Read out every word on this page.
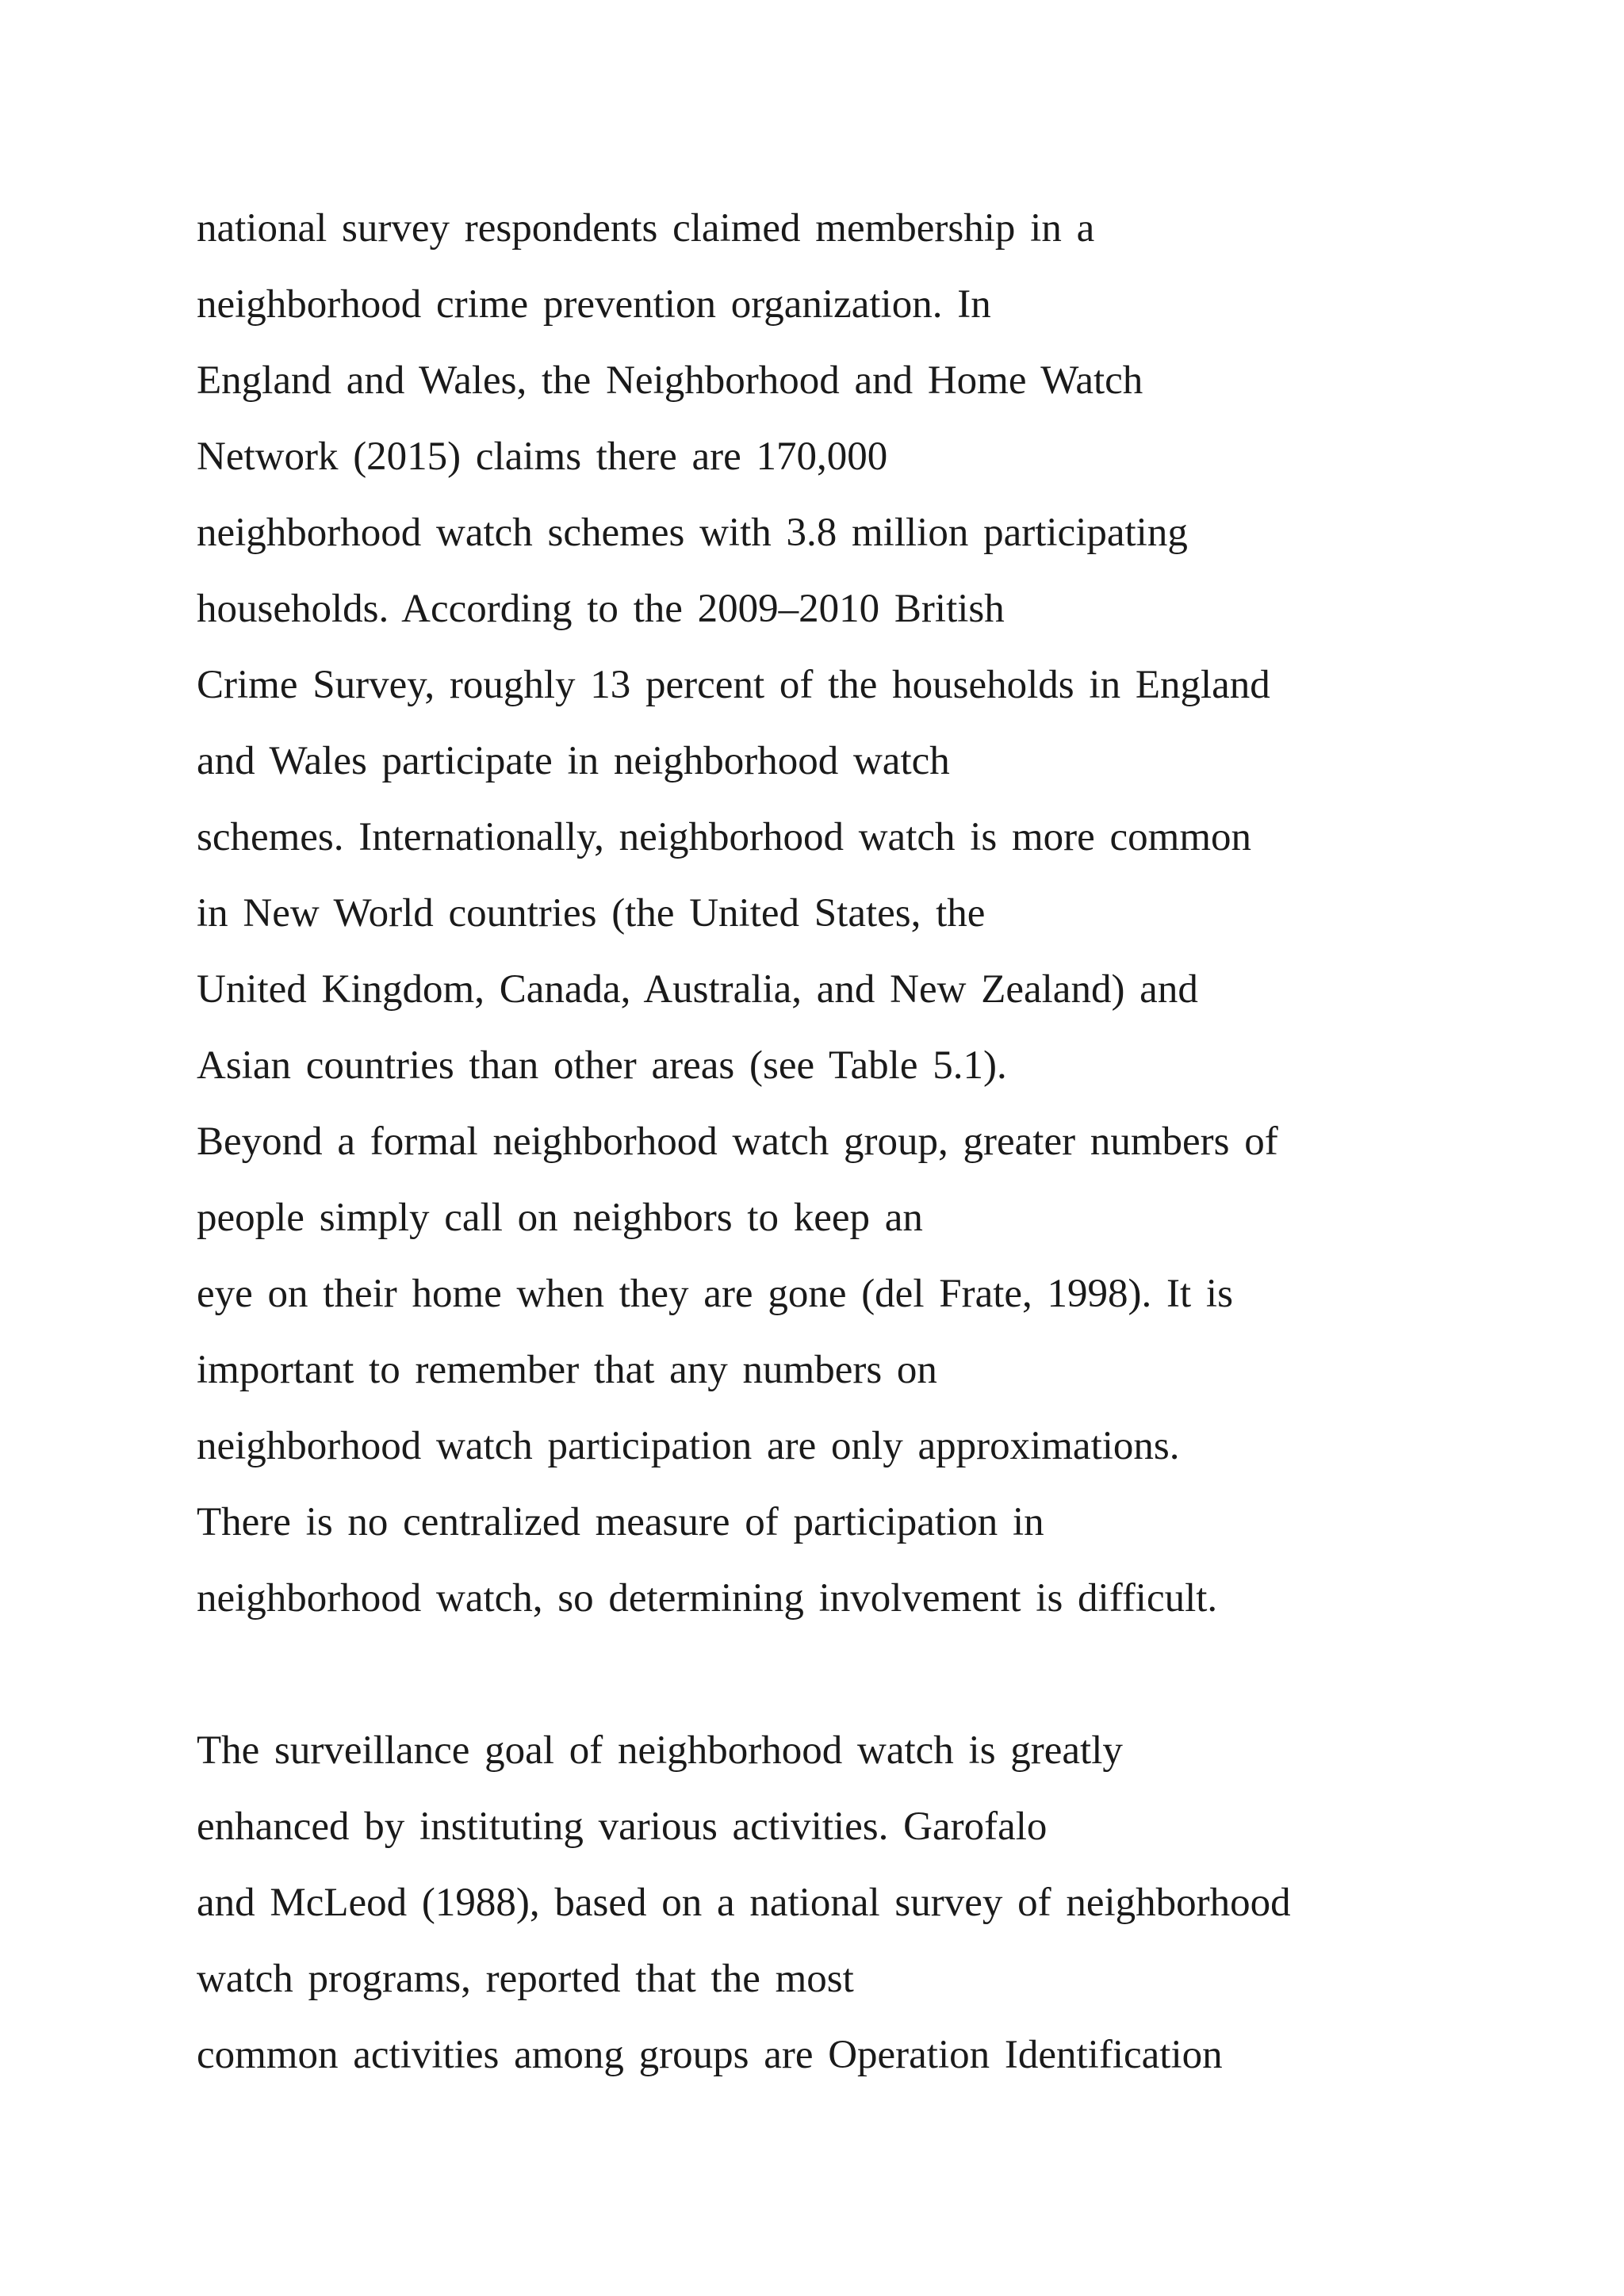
national survey respondents claimed membership in a
neighborhood crime prevention organization. In
England and Wales, the Neighborhood and Home Watch
Network (2015) claims there are 170,000
neighborhood watch schemes with 3.8 million participating
households. According to the 2009–2010 British
Crime Survey, roughly 13 percent of the households in England
and Wales participate in neighborhood watch
schemes. Internationally, neighborhood watch is more common
in New World countries (the United States, the
United Kingdom, Canada, Australia, and New Zealand) and
Asian countries than other areas (see Table 5.1).
Beyond a formal neighborhood watch group, greater numbers of
people simply call on neighbors to keep an
eye on their home when they are gone (del Frate, 1998). It is
important to remember that any numbers on
neighborhood watch participation are only approximations.
There is no centralized measure of participation in
neighborhood watch, so determining involvement is difficult.

The surveillance goal of neighborhood watch is greatly
enhanced by instituting various activities. Garofalo
and McLeod (1988), based on a national survey of neighborhood
watch programs, reported that the most
common activities among groups are Operation Identification
